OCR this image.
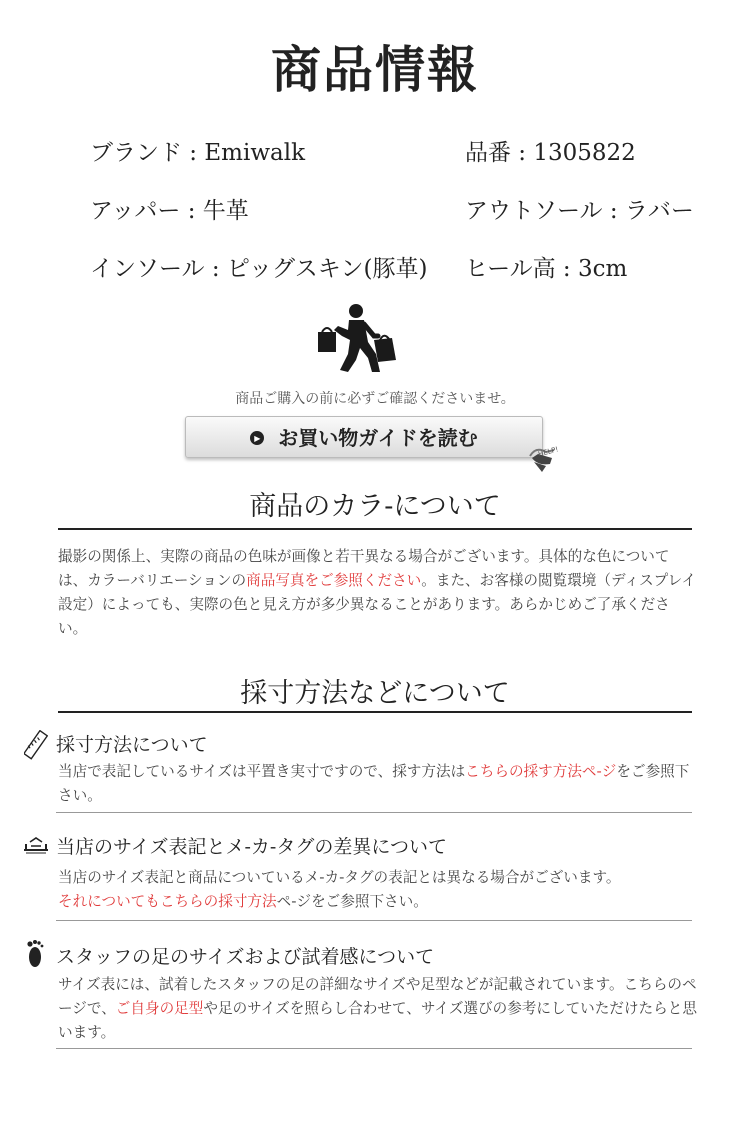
商品情報
ブランド : Emiwalk	品番 : 1305822
アッパー : 牛革	アウトソール : ラバー
インソール : ピッグスキン(豚革) ヒール高 : 3cm
商品ご購入の前に必ずご確認くださいませ。
▶ お買い物ガイドを読む
HELP!
商品のカラ-について
撮影の関係上、実際の商品の色味が画像と若干異なる場合がございます。具体的な色については、カラーバリエーションの商品写真をご参照ください。また、お客様の閲覧環境（ディスプレイ設定）によっても、実際の色と見え方が多少異なることがあります。あらかじめご了承ください。
採寸方法などについて
採寸方法について
当店で表記しているサイズは平置き実寸ですので、採す方法はこちらの採す方法ペ-ジをご参照下さい。
当店のサイズ表記とメ-カ-タグの差異について
当店のサイズ表記と商品についているメ-カ-タグの表記とは異なる場合がございます。
それについてもこちらの採寸方法ペ-ジをご参照下さい。
スタッフの足のサイズおよび試着感について
サイズ表には、試着したスタッフの足の詳細なサイズや足型などが記載されています。こちらのページで、ご自身の足型や足のサイズを照らし合わせて、サイズ選びの参考にしていただけたらと思います。
